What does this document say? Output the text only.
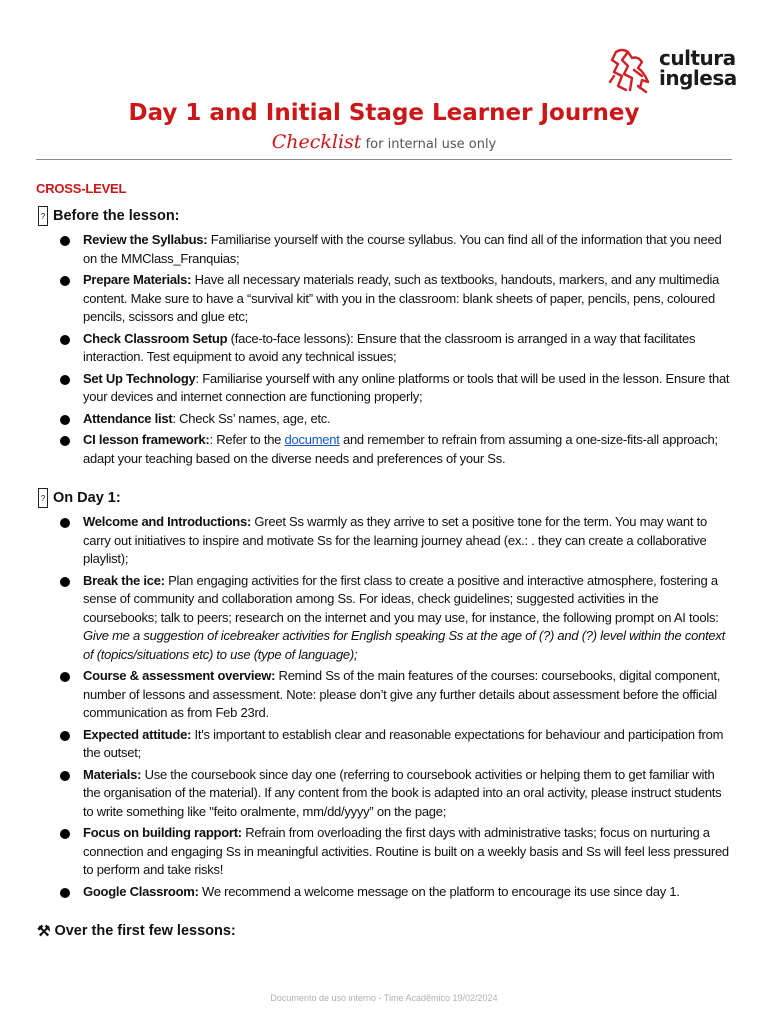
cultura
inglesa
Day 1 and Initial Stage Learner Journey
Checklist for internal use only
CROSS-LEVEL
? Before the lesson:
Review the Syllabus: Familiarise yourself with the course syllabus. You can find all of the information that you need on the MMClass_Franquias;
Prepare Materials: Have all necessary materials ready, such as textbooks, handouts, markers, and any multimedia content. Make sure to have a “survival kit” with you in the classroom: blank sheets of paper, pencils, pens, coloured pencils, scissors and glue etc;
Check Classroom Setup (face-to-face lessons): Ensure that the classroom is arranged in a way that facilitates interaction. Test equipment to avoid any technical issues;
Set Up Technology: Familiarise yourself with any online platforms or tools that will be used in the lesson. Ensure that your devices and internet connection are functioning properly;
Attendance list: Check Ss’ names, age, etc.
CI lesson framework:: Refer to the document and remember to refrain from assuming a one-size-fits-all approach; adapt your teaching based on the diverse needs and preferences of your Ss.
? On Day 1:
Welcome and Introductions: Greet Ss warmly as they arrive to set a positive tone for the term. You may want to carry out initiatives to inspire and motivate Ss for the learning journey ahead (ex.: . they can create a collaborative playlist);
Break the ice: Plan engaging activities for the first class to create a positive and interactive atmosphere, fostering a sense of community and collaboration among Ss. For ideas, check guidelines; suggested activities in the coursebooks; talk to peers; research on the internet and you may use, for instance, the following prompt on AI tools: Give me a suggestion of icebreaker activities for English speaking Ss at the age of (?) and (?) level within the context of (topics/situations etc) to use (type of language);
Course & assessment overview: Remind Ss of the main features of the courses: coursebooks, digital component, number of lessons and assessment. Note: please don’t give any further details about assessment before the official communication as from Feb 23rd.
Expected attitude: It's important to establish clear and reasonable expectations for behaviour and participation from the outset;
Materials: Use the coursebook since day one (referring to coursebook activities or helping them to get familiar with the organisation of the material). If any content from the book is adapted into an oral activity, please instruct students to write something like "feito oralmente, mm/dd/yyyy” on the page;
Focus on building rapport: Refrain from overloading the first days with administrative tasks; focus on nurturing a connection and engaging Ss in meaningful activities. Routine is built on a weekly basis and Ss will feel less pressured to perform and take risks!
Google Classroom: We recommend a welcome message on the platform to encourage its use since day 1.
⚒ Over the first few lessons:
Documento de uso interno - Time Acadêmico 19/02/2024
